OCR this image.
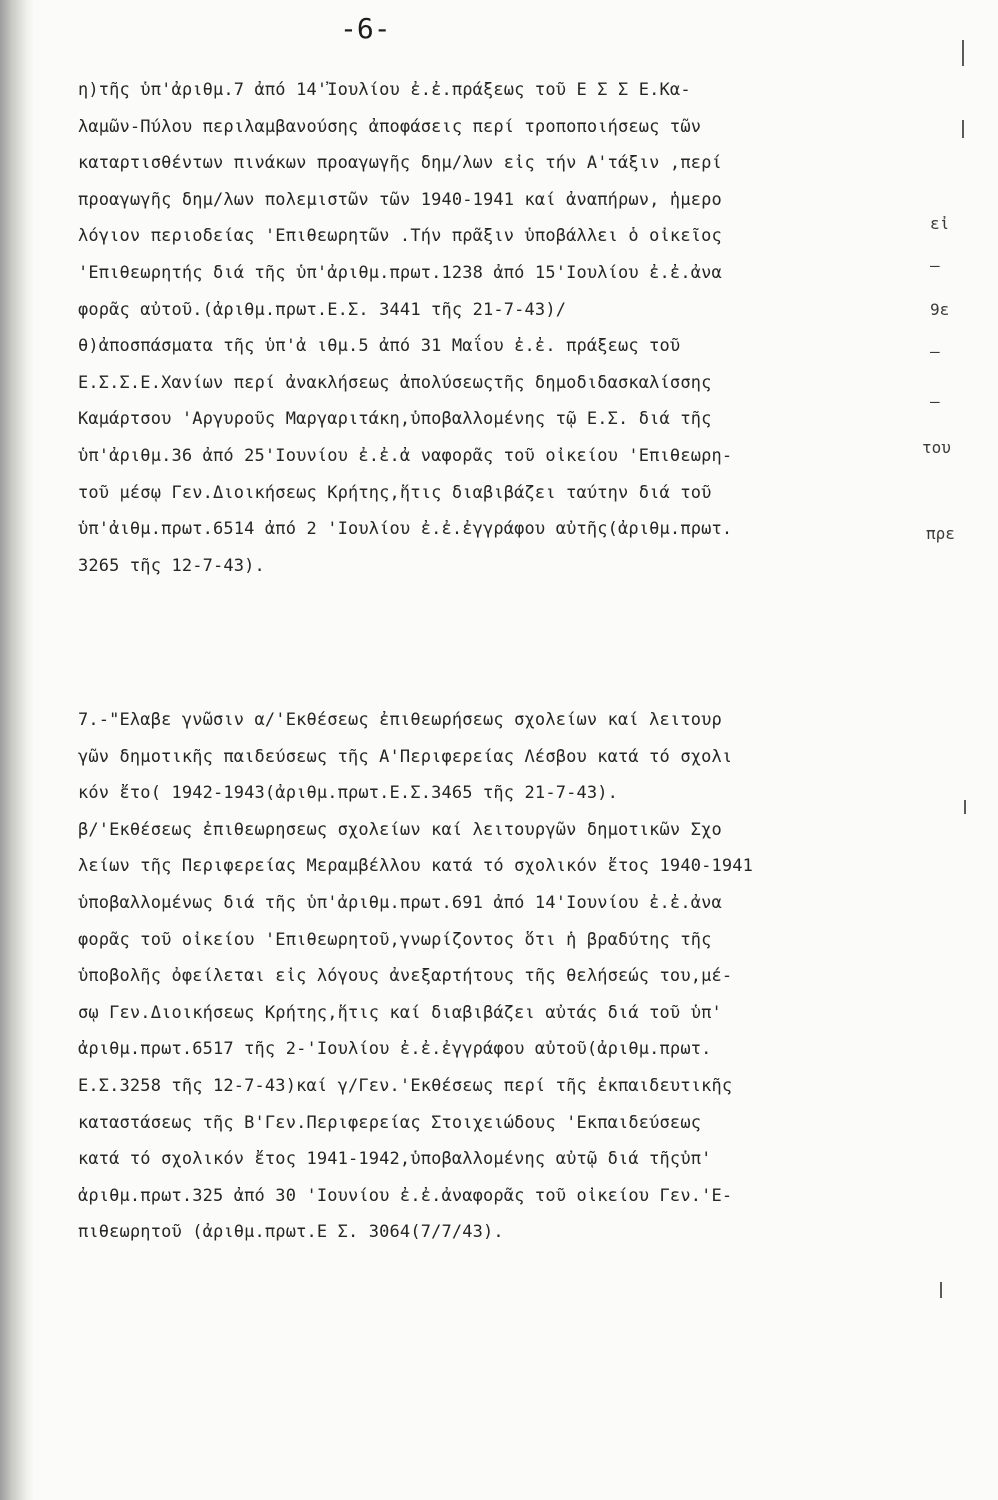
-6-
η)τῆς ὑπ'ἀριθμ.7 ἀπό 14'Ἰουλίου ἐ.ἐ.πράξεως τοῦ Ε Σ Σ Ε.Κα-
λαμῶν-Πύλου περιλαμβανούσης ἀποφάσεις περί τροποποιήσεως τῶν
καταρτισθέντων πινάκων προαγωγῆς δημ/λων εἰς τήν Α'τάξιν ,περί
προαγωγῆς δημ/λων πολεμιστῶν τῶν 1940-1941 καί ἀναπήρων, ἡμερο
λόγιον περιοδείας 'Επιθεωρητῶν .Τήν πρᾶξιν ὑποβάλλει ὁ οἰκεῖος
'Επιθεωρητής διά τῆς ὑπ'ἀριθμ.πρωτ.1238 ἀπό 15'Ιουλίου ἐ.ἐ.ἀνα
φορᾶς αὐτοῦ.(ἀριθμ.πρωτ.Ε.Σ. 3441 τῆς 21-7-43)/
θ)ἀποσπάσματα τῆς ὑπ'ἀ ιθμ.5 ἀπό 31 Μαΐου ἐ.ἐ. πράξεως τοῦ
Ε.Σ.Σ.Ε.Χανίων περί ἀνακλήσεως ἀπολύσεωςτῆς δημοδιδασκαλίσσης
Καμάρτσου 'Αργυροῦς Μαργαριτάκη,ὑποβαλλομένης τῷ Ε.Σ. διά τῆς
ὑπ'ἀριθμ.36 ἀπό 25'Ιουνίου ἐ.ἐ.ἀ ναφορᾶς τοῦ οἰκείου 'Επιθεωρη-
τοῦ μέσῳ Γεν.Διοικήσεως Κρήτης,ἥτις διαβιβάζει ταύτην διά τοῦ
ὑπ'ἀιθμ.πρωτ.6514 ἀπό 2 'Ιουλίου ἐ.ἐ.ἐγγράφου αὐτῆς(ἀριθμ.πρωτ.
3265 τῆς 12-7-43).
7.-"Ελαβε γνῶσιν α/'Εκθέσεως ἐπιθεωρήσεως σχολείων καί λειτουρ
γῶν δημοτικῆς παιδεύσεως τῆς Α'Περιφερείας Λέσβου κατά τό σχολι
κόν ἔτο( 1942-1943(ἀριθμ.πρωτ.Ε.Σ.3465 τῆς 21-7-43).
β/'Εκθέσεως ἐπιθεωρησεως σχολείων καί λειτουργῶν δημοτικῶν Σχο
λείων τῆς Περιφερείας Μεραμβέλλου κατά τό σχολικόν ἔτος 1940-1941
ὑποβαλλομένως διά τῆς ὑπ'ἀριθμ.πρωτ.691 ἀπό 14'Ιουνίου ἐ.ἐ.ἀνα
φορᾶς τοῦ οἰκείου 'Επιθεωρητοῦ,γνωρίζοντος ὅτι ἡ βραδύτης τῆς
ὑποβολῆς ὀφείλεται εἰς λόγους ἀνεξαρτήτους τῆς θελήσεώς του,μέ-
σῳ Γεν.Διοικήσεως Κρήτης,ἥτις καί διαβιβάζει αὐτάς διά τοῦ ὑπ'
ἀριθμ.πρωτ.6517 τῆς 2-'Ιουλίου ἐ.ἐ.ἐγγράφου αὐτοῦ(ἀριθμ.πρωτ.
Ε.Σ.3258 τῆς 12-7-43)καί γ/Γεν.'Εκθέσεως περί τῆς ἐκπαιδευτικῆς
καταστάσεως τῆς Β'Γεν.Περιφερείας Στοιχειώδους 'Εκπαιδεύσεως
κατά τό σχολικόν ἔτος 1941-1942,ὑποβαλλομένης αὐτῷ διά τῆςὑπ'
ἀριθμ.πρωτ.325 ἀπό 30 'Ιουνίου ἐ.ἐ.ἀναφορᾶς τοῦ οἰκείου Γεν.'Ε-
πιθεωρητοῦ (ἀριθμ.πρωτ.Ε Σ. 3064(7/7/43).
εἰ
–
9ε
–
–
του
πρε
